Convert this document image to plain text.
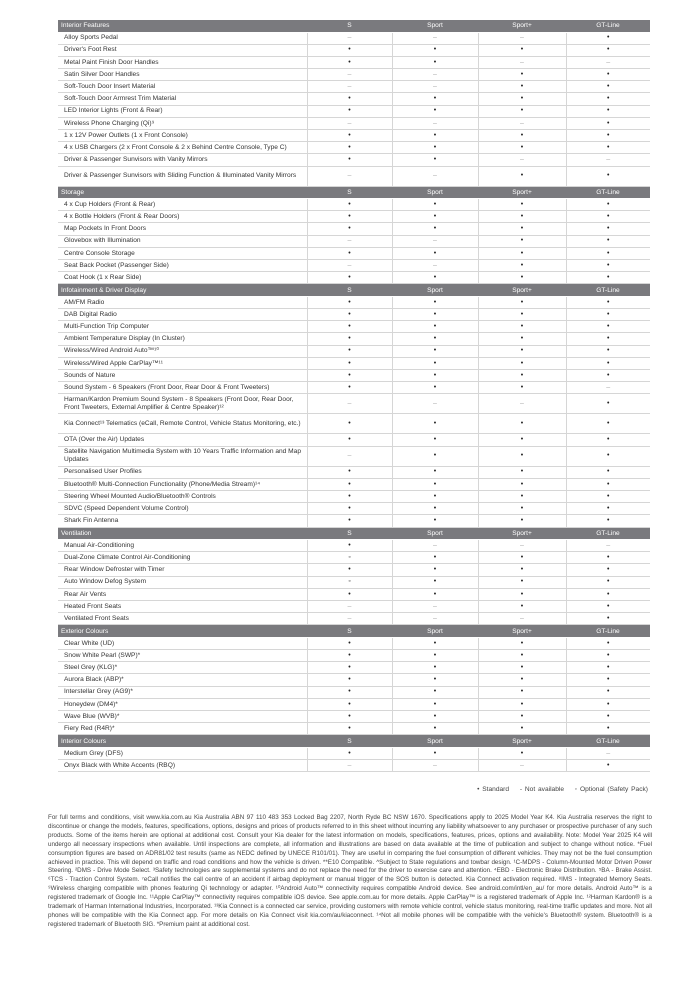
Interior Features	S	Sport	Sport+	GT-Line
Alloy Sports Pedal	–	–	–	•
Driver's Foot Rest	•	•	•	•
Metal Paint Finish Door Handles	•	•	–	–
Satin Silver Door Handles	–	–	•	•
Soft-Touch Door Insert Material	–	–	•	•
Soft-Touch Door Armrest Trim Material	•	•	•	•
LED Interior Lights (Front & Rear)	•	•	•	•
Wireless Phone Charging (Qi)⁹	–	–	–	•
1 x 12V Power Outlets (1 x Front Console)	•	•	•	•
4 x USB Chargers (2 x Front Console & 2 x Behind Centre Console, Type C)	•	•	•	•
Driver & Passenger Sunvisors with Vanity Mirrors	•	•	–	–
Driver & Passenger Sunvisors with Sliding Function & Illuminated Vanity Mirrors	–	–	•	•
Storage	S	Sport	Sport+	GT-Line
4 x Cup Holders (Front & Rear)	•	•	•	•
4 x Bottle Holders (Front & Rear Doors)	•	•	•	•
Map Pockets In Front Doors	•	•	•	•
Glovebox with Illumination	–	–	•	•
Centre Console Storage	•	•	•	•
Seat Back Pocket (Passenger Side)	–	–	•	•
Coat Hook (1 x Rear Side)	•	•	•	•
Infotainment & Driver Display	S	Sport	Sport+	GT-Line
AM/FM Radio	•	•	•	•
DAB Digital Radio	•	•	•	•
Multi-Function Trip Computer	•	•	•	•
Ambient Temperature Display (In Cluster)	•	•	•	•
Wireless/Wired Android Auto™¹⁰	•	•	•	•
Wireless/Wired Apple CarPlay™¹¹	•	•	•	•
Sounds of Nature	•	•	•	•
Sound System - 6 Speakers (Front Door, Rear Door & Front Tweeters)	•	•	•	–
Harman/Kardon Premium Sound System - 8 Speakers (Front Door, Rear Door, Front Tweeters, External Amplifier & Centre Speaker)¹²	–	–	–	•
Kia Connect¹³ Telematics (eCall, Remote Control, Vehicle Status Monitoring, etc.)	•	•	•	•
OTA (Over the Air) Updates	•	•	•	•
Satellite Navigation Multimedia System with 10 Years Traffic Information and Map Updates	–	•	•	•
Personalised User Profiles	•	•	•	•
Bluetooth® Multi-Connection Functionality (Phone/Media Stream)¹⁴	•	•	•	•
Steering Wheel Mounted Audio/Bluetooth® Controls	•	•	•	•
SDVC (Speed Dependent Volume Control)	•	•	•	•
Shark Fin Antenna	•	•	•	•
Ventilation	S	Sport	Sport+	GT-Line
Manual Air-Conditioning	•	–	–	–
Dual-Zone Climate Control Air-Conditioning	◦	•	•	•
Rear Window Defroster with Timer	•	•	•	•
Auto Window Defog System	◦	•	•	•
Rear Air Vents	•	•	•	•
Heated Front Seats	–	–	•	•
Ventilated Front Seats	–	–	–	•
Exterior Colours	S	Sport	Sport+	GT-Line
Clear White (UD)	•	•	•	•
Snow White Pearl (SWP)*	•	•	•	•
Steel Grey (KLG)*	•	•	•	•
Aurora Black (ABP)*	•	•	•	•
Interstellar Grey (AG9)*	•	•	•	•
Honeydew (DM4)*	•	•	•	•
Wave Blue (WVB)*	•	•	•	•
Fiery Red (R4R)*	•	•	•	•
Interior Colours	S	Sport	Sport+	GT-Line
Medium Grey (DFS)	•	•	•	–
Onyx Black with White Accents (RBQ)	–	–	–	•
• Standard - Not available ◦ Optional (Safety Pack)

For full terms and conditions, visit www.kia.com.au Kia Australia ABN 97 110 483 353 Locked Bag 2207, North Ryde BC NSW 1670. Specifications apply to 2025 Model Year K4. Kia Australia reserves the right to discontinue or change the models, features, specifications, options, designs and prices of products referred to in this sheet without incurring any liability whatsoever to any purchaser or prospective purchaser of any such products. Some of the items herein are optional at additional cost. Consult your Kia dealer for the latest information on models, specifications, features, prices, options and availability. Note: Model Year 2025 K4 will undergo all necessary inspections when available. Until inspections are complete, all information and illustrations are based on data available at the time of publication and subject to change without notice. *Fuel consumption figures are based on ADR81/02 test results (same as NEDC defined by UNECE R101/01). They are useful in comparing the fuel consumption of different vehicles. They may not be the fuel consumption achieved in practice. This will depend on traffic and road conditions and how the vehicle is driven. **E10 Compatible. ^Subject to State regulations and towbar design. ¹C-MDPS - Column-Mounted Motor Driven Power Steering. ²DMS - Drive Mode Select. ³Safety technologies are supplemental systems and do not replace the need for the driver to exercise care and attention. ⁴EBD - Electronic Brake Distribution. ⁵BA - Brake Assist. ⁶TCS - Traction Control System. ⁷eCall notifies the call centre of an accident if airbag deployment or manual trigger of the SOS button is detected. Kia Connect activation required. ⁸IMS - Integrated Memory Seats. ⁹Wireless charging compatible with phones featuring Qi technology or adapter. ¹⁰Android Auto™ connectivity requires compatible Android device. See android.com/intl/en_au/ for more details. Android Auto™ is a registered trademark of Google Inc. ¹¹Apple CarPlay™ connectivity requires compatible iOS device. See apple.com.au for more details. Apple CarPlay™ is a registered trademark of Apple Inc. ¹²Harman Kardon® is a trademark of Harman International Industries, Incorporated. ¹³Kia Connect is a connected car service, providing customers with remote vehicle control, vehicle status monitoring, real-time traffic updates and more. Not all phones will be compatible with the Kia Connect app. For more details on Kia Connect visit kia.com/au/kiaconnect. ¹⁴Not all mobile phones will be compatible with the vehicle's Bluetooth® system. Bluetooth® is a registered trademark of Bluetooth SIG. *Premium paint at additional cost.
